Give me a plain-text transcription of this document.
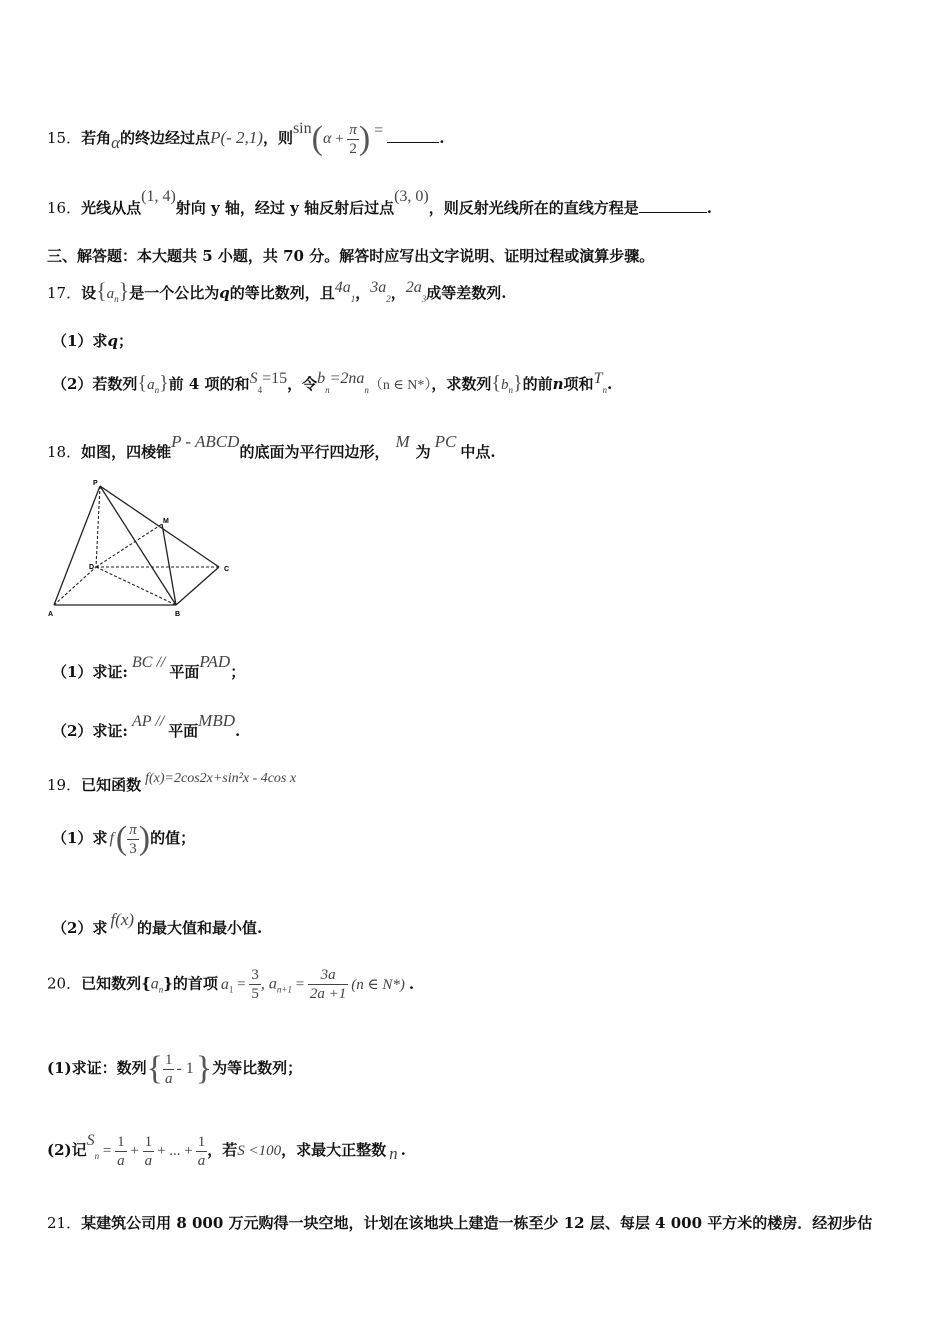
15．若角α的终边经过点P(- 2,1)，则$\sin(\alpha + \frac{\pi}{2}$ ) =	.
16．光线从点(1, 4)射向 y 轴，经过 y 轴反射后过点(3, 0)，则反射光线所在的直线方程是	.
三、解答题：本大题共 5 小题，共 70 分。解答时应写出文字说明、证明过程或演算步骤。
17．设$\{a_n\}$是一个公比为q的等比数列，且$4a_1$，$3a_2$，$2a_3$成等差数列.
（1）求q；
（2）若数列$\{a_n\}$前 4 项的和$S_4=15$，令$b_n=2na_n(n$ ∈ N*），求数列$\{b_n\}$的前n项和$T_n$.
18．如图，四棱锥P - ABCD的底面为平行四边形，M为PC中点.
P
M
D	C
A	B
（1）求证:BC //平面PAD；
（2）求证:AP //平面MBD.
19．已知函数 f(x)=2cos2x+sin²x - 4cos x
（1）求 $f( \frac{\pi}{3}$ )的值；
（2）求 f(x) 的最大值和最小值.
20．已知数列$\{a_n\}$的首项 $a_1 = \frac{3}{5}$ , $a_{n+1} = \frac{3a}{2a +1} (n$ ∈ N*) .
(1)求证：数列{ $\frac{1}{a} - 1$}为等比数列；
(2)记$S_n = \frac{1}{a} + \frac{1}{a}$ + ... + $\frac{1}{a}$ ，若S <100，求最大正整数 n .
21．某建筑公司用 8 000 万元购得一块空地，计划在该地块上建造一栋至少 12 层、每层 4 000 平方米的楼房．经初步估
